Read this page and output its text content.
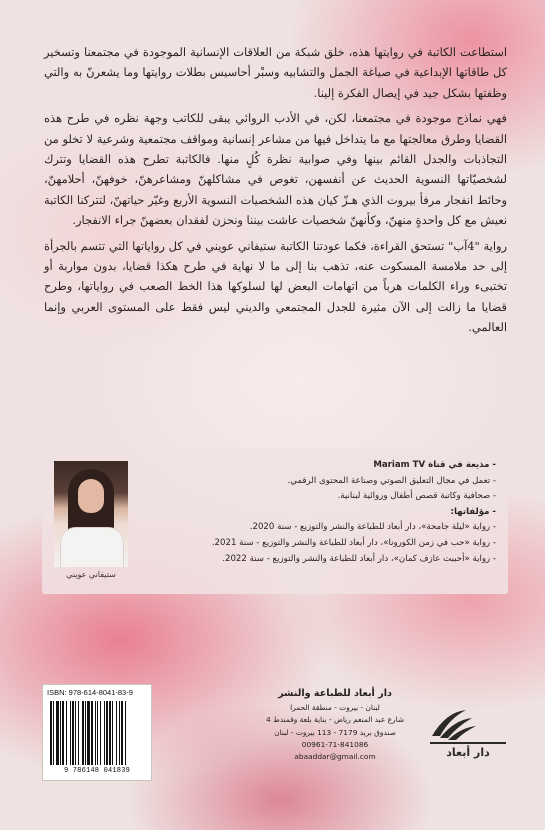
استطاعت الكاتبة في روايتها هذه، خلق شبكة من العلاقات الإنسانية الموجودة في مجتمعنا وتسخير كل طاقاتها الإبداعية في صياغة الجمل والتشابيه وسبْر أحاسيس بطلات روايتها وما يشعرنّ به والتي وظفتها بشكل جيد في إيصال الفكرة إلينا.

فهي نماذج موجودة في مجتمعنا، لكن، في الأدب الروائي يبقى للكاتب وجهة نظره في طرح هذه القضايا وطرق معالجتها مع ما يتداخل فيها من مشاعر إنسانية ومواقف مجتمعية وشرعية لا تخلو من التجاذبات والجدل القائم بينها وفي صوابية نظرة كُلٍ منها. فالكاتبة تطرح هذه القضايا وتترك لشخصيّاتها النسوية الحديث عن أنفسهن، تغوص في مشاكلهنّ ومشاعرهنّ، خوفهنّ، أحلامهنّ، وحائط انفجار مرفأ بيروت الذي هـزّ كيان هذه الشخصيات النسوية الأربع وغيّر حياتهنّ، لتتركنا الكاتبة نعيش مع كل واحدةٍ منهنّ، وكأنهنّ شخصيات عاشت بيننا ونحزن لفقدان بعضهنّ جراء الانفجار.

رواية "4آب" تستحق القراءة، فكما عودتنا الكاتبة ستيفاني عويني في كل رواياتها التي تتسم بالجرأة إلى حد ملامسة المسكوت عنه، تذهب بنا إلى ما لا نهاية في طرح هكذا قضايا، بدون مواربة أو تختبىء وراء الكلمات هرباً من اتهامات البعض لها لسلوكها هذا الخط الصعب في رواياتها، وطرح قضايا ما زالت إلى الآن مثيرة للجدل المجتمعي والديني ليس فقط على المستوى العربي وإنما العالمي.

ستيفاني عويني
- مذيعة في قناة Mariam TV
- تعمل في مجال التعليق الصوتي وصناعة المحتوى الرقمي.
- صحافية وكاتبة قصص أطفال وروائية لبنانية.
- مؤلفاتها:
- رواية «ليلة جامحة»، دار أبعاد للطباعة والنشر والتوزيع - سنة 2020.
- رواية «حب في زمن الكورونا»، دار أبعاد للطباعة والنشر والتوزيع - سنة 2021.
- رواية «أحببت عازف كمان»، دار أبعاد للطباعة والنشر والتوزيع - سنة 2022.
ISBN: 978-614-8041-83-9
9 786148 041839
دار أبعاد للطباعة والنشر
لبنان - بيروت - منطقة الحمرا
شارع عبد المنعم رياض - بناية بلعة وقمندط 4
صندوق بريد 7179 - 113 بيروت - لبنان
00961-71-841086
abaaddar@gmail.com	دار أبعاد
